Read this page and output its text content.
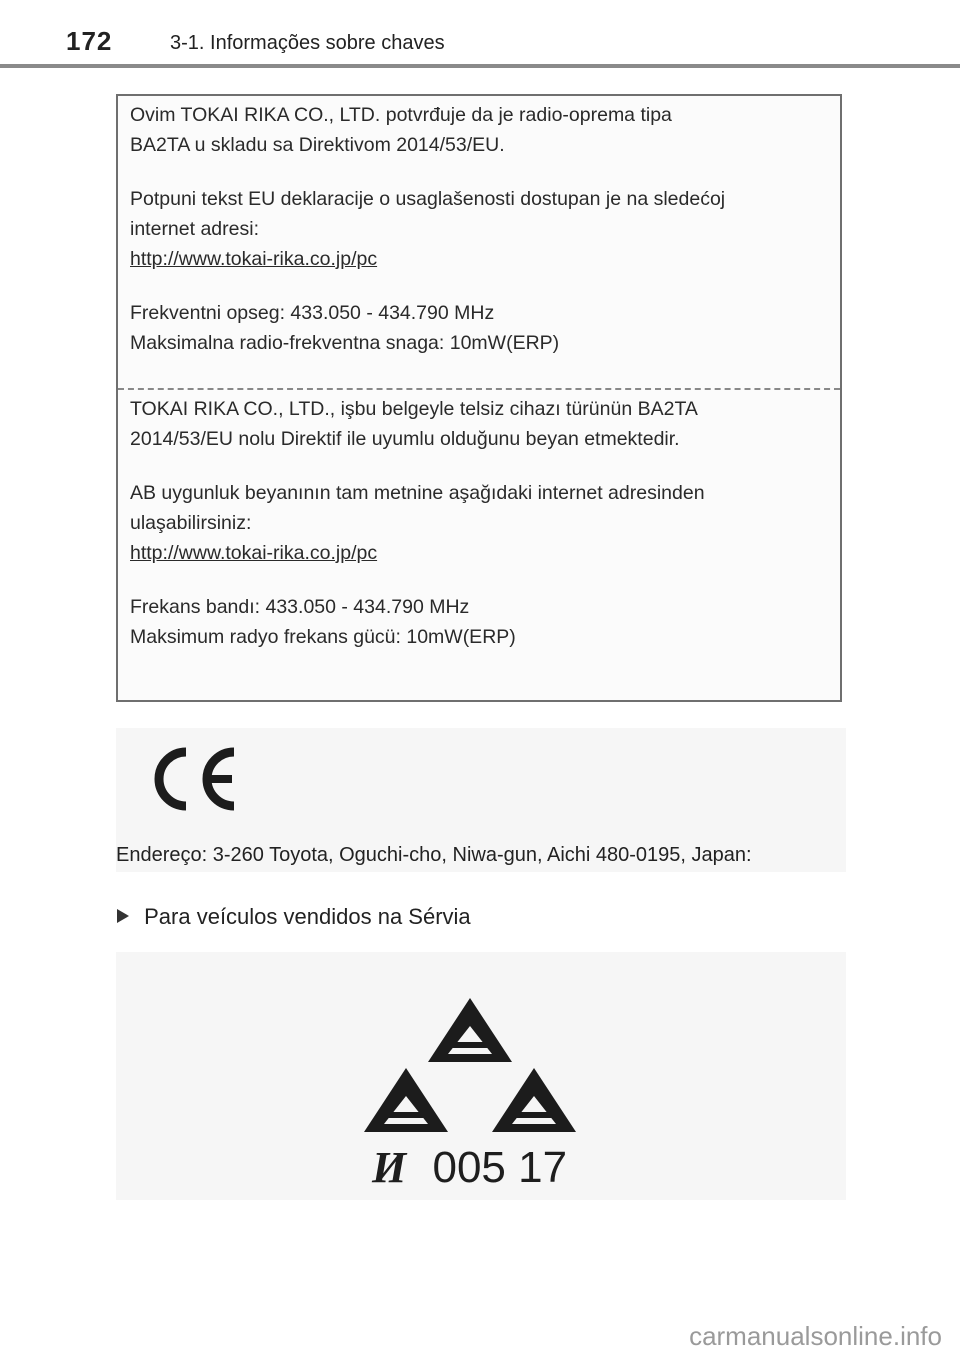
172	3-1. Informações sobre chaves

Ovim TOKAI RIKA CO., LTD. potvrđuje da je radio-oprema tipa

BA2TA u skladu sa Direktivom 2014/53/EU.

Potpuni tekst EU deklaracije o usaglašenosti dostupan je na sledećoj

internet adresi:

http://www.tokai-rika.co.jp/pc

Frekventni opseg: 433.050 - 434.790 MHz

Maksimalna radio-frekventna snaga: 10mW(ERP)

TOKAI RIKA CO., LTD., işbu belgeyle telsiz cihazı türünün BA2TA

2014/53/EU nolu Direktif ile uyumlu olduğunu beyan etmektedir.

AB uygunluk beyanının tam metnine aşağıdaki internet adresinden

ulaşabilirsiniz:

http://www.tokai-rika.co.jp/pc

Frekans bandı: 433.050 - 434.790 MHz

Maksimum radyo frekans gücü: 10mW(ERP)

Endereço: 3-260 Toyota, Oguchi-cho, Niwa-gun, Aichi 480-0195, Japan:
Para veículos vendidos na Sérvia
И 005 17
carmanualsonline.info
